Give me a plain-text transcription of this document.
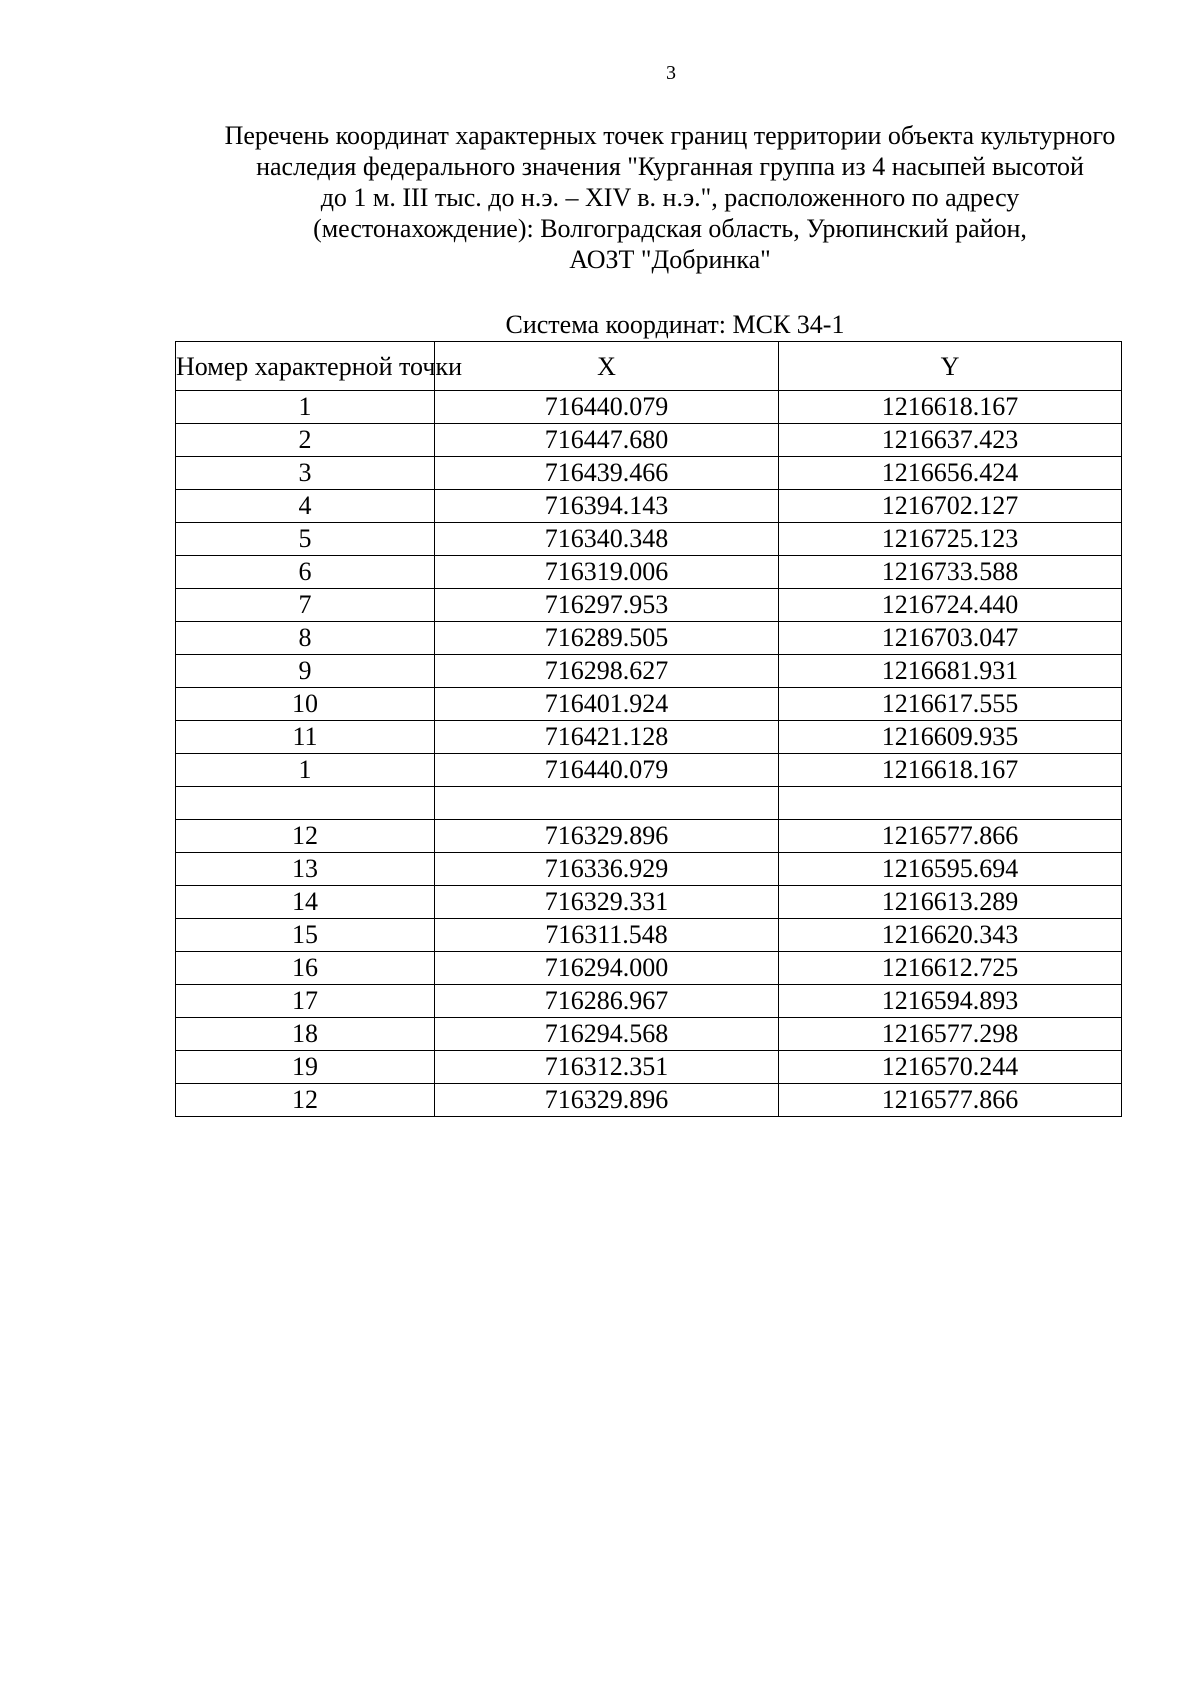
3
Перечень координат характерных точек границ территории объекта культурного
наследия федерального значения "Курганная группа из 4 насыпей высотой
до 1 м. III тыс. до н.э. – XIV в. н.э.", расположенного по адресу
(местонахождение): Волгоградская область, Урюпинский район,
АОЗТ "Добринка"
Система координат: МСК 34-1
Номер характерной точки	X	Y
1	716440.079	1216618.167
2	716447.680	1216637.423
3	716439.466	1216656.424
4	716394.143	1216702.127
5	716340.348	1216725.123
6	716319.006	1216733.588
7	716297.953	1216724.440
8	716289.505	1216703.047
9	716298.627	1216681.931
10	716401.924	1216617.555
11	716421.128	1216609.935
1	716440.079	1216618.167

12	716329.896	1216577.866
13	716336.929	1216595.694
14	716329.331	1216613.289
15	716311.548	1216620.343
16	716294.000	1216612.725
17	716286.967	1216594.893
18	716294.568	1216577.298
19	716312.351	1216570.244
12	716329.896	1216577.866
